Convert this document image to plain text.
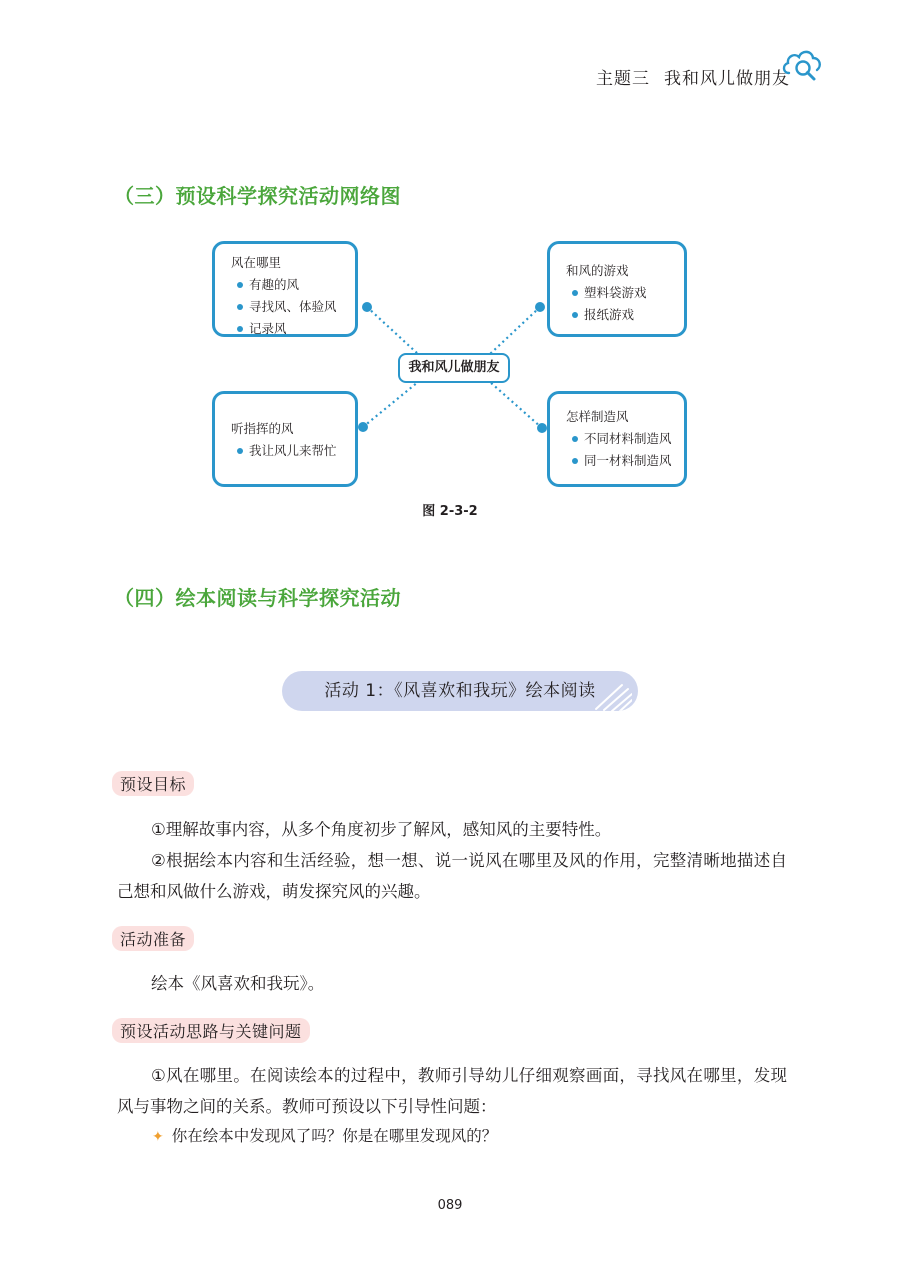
主题三 我和风儿做朋友
（三）预设科学探究活动网络图
风在哪里
有趣的风
寻找风、体验风
记录风
和风的游戏
塑料袋游戏
报纸游戏
听指挥的风
我让风儿来帮忙
怎样制造风
不同材料制造风
同一材料制造风
我和风儿做朋友
图 2-3-2
（四）绘本阅读与科学探究活动
活动 1：《风喜欢和我玩》绘本阅读
预设目标
①理解故事内容，从多个角度初步了解风，感知风的主要特性。
②根据绘本内容和生活经验，想一想、说一说风在哪里及风的作用，完整清晰地描述自己想和风做什么游戏，萌发探究风的兴趣。
活动准备
绘本《风喜欢和我玩》。
预设活动思路与关键问题
①风在哪里。在阅读绘本的过程中，教师引导幼儿仔细观察画面，寻找风在哪里，发现风与事物之间的关系。教师可预设以下引导性问题：
✦ 你在绘本中发现风了吗？你是在哪里发现风的？
089
